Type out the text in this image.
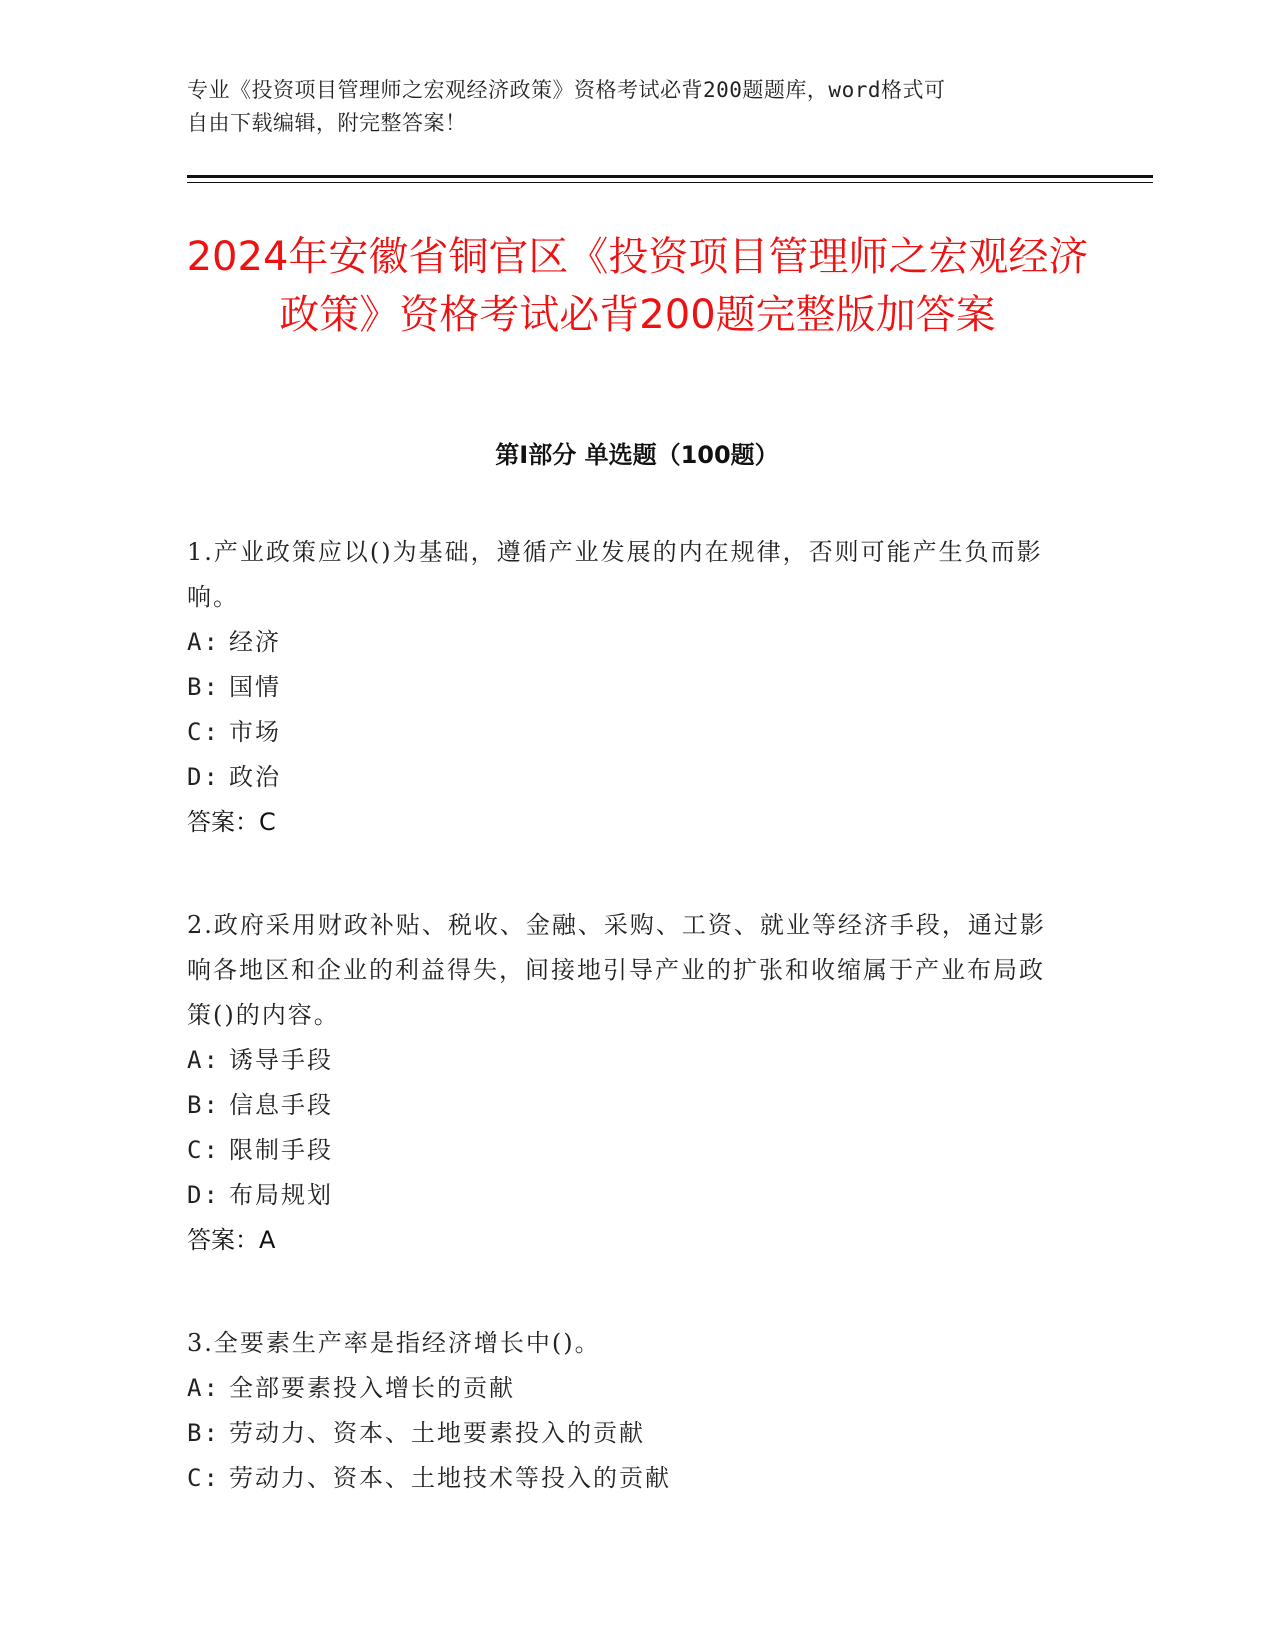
专业《投资项目管理师之宏观经济政策》资格考试必背200题题库，word格式可
自由下载编辑，附完整答案！
2024年安徽省铜官区《投资项目管理师之宏观经济政策》资格考试必背200题完整版加答案
第Ⅰ部分 单选题（100题）
1.产业政策应以()为基础，遵循产业发展的内在规律，否则可能产生负而影响。
A: 经济
B: 国情
C: 市场
D: 政治
答案：C
2.政府采用财政补贴、税收、金融、采购、工资、就业等经济手段，通过影响各地区和企业的利益得失，间接地引导产业的扩张和收缩属于产业布局政策()的内容。
A: 诱导手段
B: 信息手段
C: 限制手段
D: 布局规划
答案：A
3.全要素生产率是指经济增长中()。
A: 全部要素投入增长的贡献
B: 劳动力、资本、土地要素投入的贡献
C: 劳动力、资本、土地技术等投入的贡献
